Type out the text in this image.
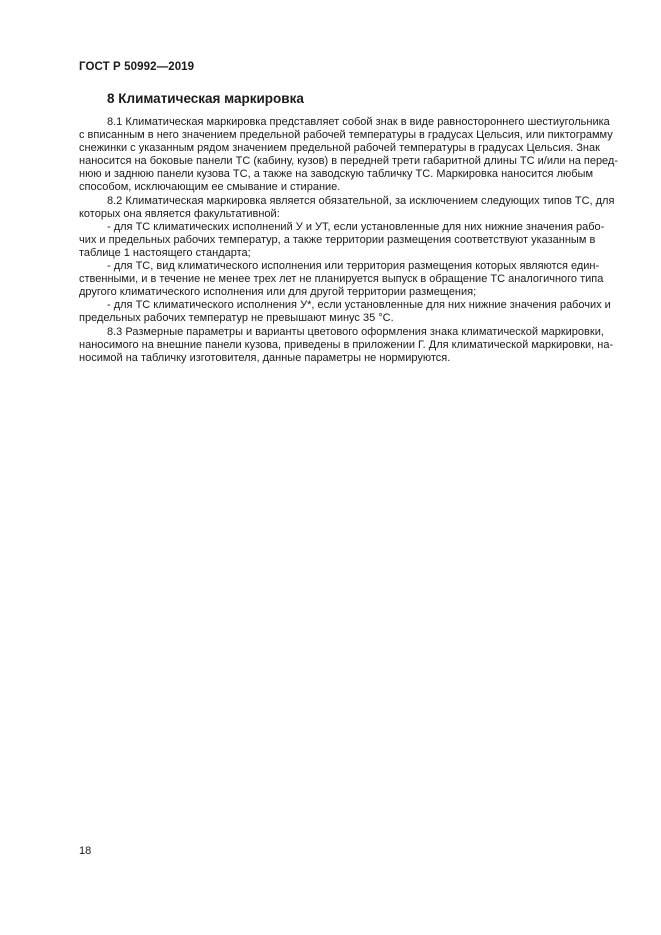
ГОСТ Р 50992—2019
8 Климатическая маркировка
8.1 Климатическая маркировка представляет собой знак в виде равностороннего шестиугольника
с вписанным в него значением предельной рабочей температуры в градусах Цельсия, или пиктограмму
снежинки с указанным рядом значением предельной рабочей температуры в градусах Цельсия. Знак
наносится на боковые панели ТС (кабину, кузов) в передней трети габаритной длины ТС и/или на перед-
нюю и заднюю панели кузова ТС, а также на заводскую табличку ТС. Маркировка наносится любым
способом, исключающим ее смывание и стирание.
8.2 Климатическая маркировка является обязательной, за исключением следующих типов ТС, для
которых она является факультативной:
- для ТС климатических исполнений У и УТ, если установленные для них нижние значения рабо-
чих и предельных рабочих температур, а также территории размещения соответствуют указанным в
таблице 1 настоящего стандарта;
- для ТС, вид климатического исполнения или территория размещения которых являются един-
ственными, и в течение не менее трех лет не планируется выпуск в обращение ТС аналогичного типа
другого климатического исполнения или для другой территории размещения;
- для ТС климатического исполнения У*, если установленные для них нижние значения рабочих и
предельных рабочих температур не превышают минус 35 °С.
8.3 Размерные параметры и варианты цветового оформления знака климатической маркировки,
наносимого на внешние панели кузова, приведены в приложении Г. Для климатической маркировки, на-
носимой на табличку изготовителя, данные параметры не нормируются.
18
